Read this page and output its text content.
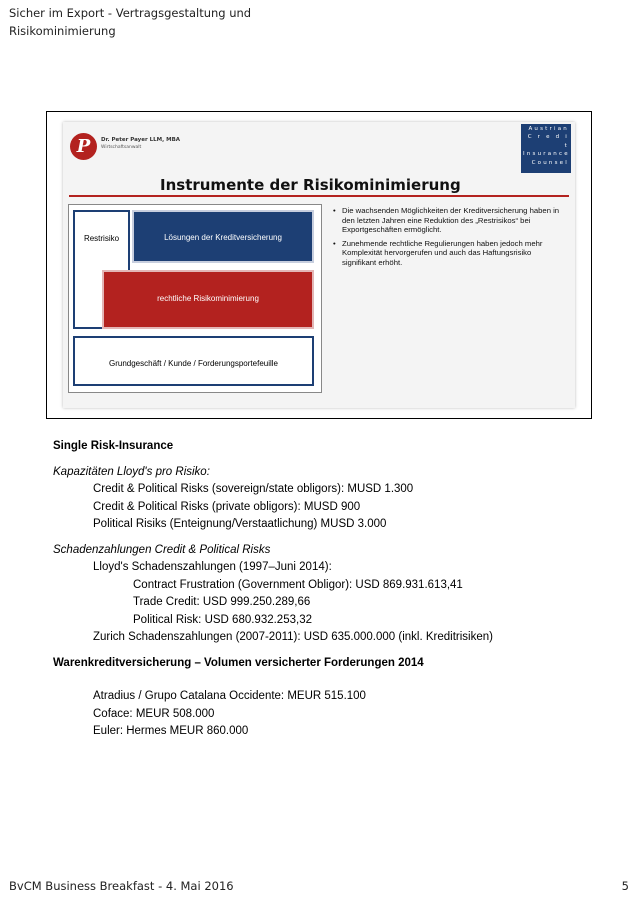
Sicher im Export - Vertragsgestaltung und
Risikominimierung
P	Dr. Peter Payer LLM, MBA
Wirtschaftsanwalt
Austrian
C r e d i t
Insurance
Counsel
Instrumente der Risikominimierung
Restrisiko	Lösungen der Kreditversicherung
rechtliche Risikominimierung
Grundgeschäft / Kunde / Forderungsportefeuille
• Die wachsenden Möglichkeiten der Kreditversicherung haben in den letzten Jahren eine Reduktion des „Restrisikos“ bei Exportgeschäften ermöglicht.
• Zunehmende rechtliche Regulierungen haben jedoch mehr Komplexität hervorgerufen und auch das Haftungsrisiko signifikant erhöht.

Single Risk-Insurance

Kapazitäten Lloyd's pro Risiko:

Credit & Political Risks (sovereign/state obligors): MUSD 1.300

Credit & Political Risks (private obligors): MUSD 900

Political Risiks (Enteignung/Verstaatlichung) MUSD 3.000

Schadenzahlungen Credit & Political Risks

Lloyd's Schadenszahlungen (1997–Juni 2014):

Contract Frustration (Government Obligor): USD 869.931.613,41

Trade Credit: USD 999.250.289,66

Political Risk: USD 680.932.253,32

Zurich Schadenszahlungen (2007-2011): USD 635.000.000 (inkl. Kreditrisiken)

Warenkreditversicherung – Volumen versicherter Forderungen 2014

Atradius / Grupo Catalana Occidente: MEUR 515.100

Coface: MEUR 508.000

Euler: Hermes MEUR 860.000

BvCM Business Breakfast - 4. Mai 2016	5
